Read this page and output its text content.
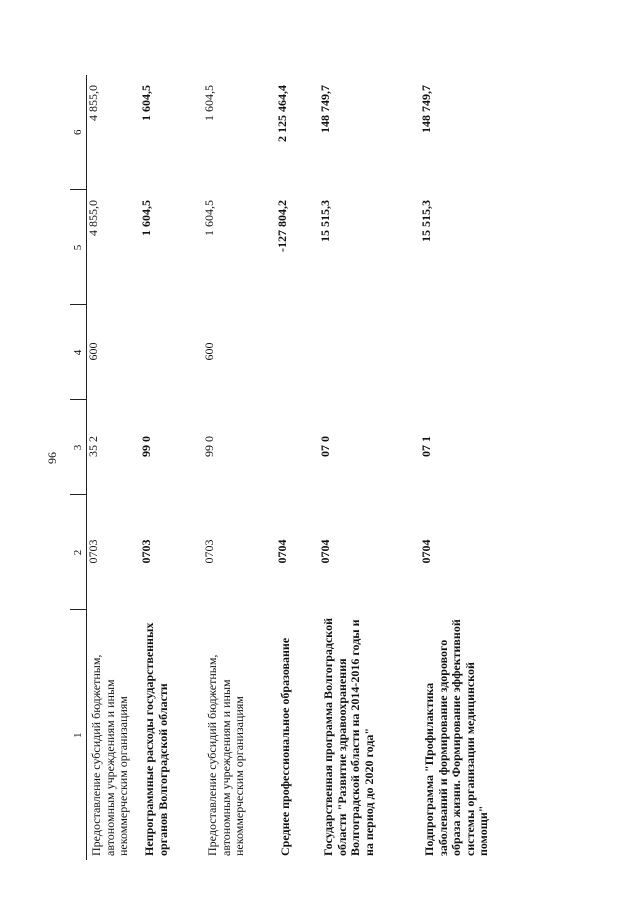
96
1	2	3	4	5	6
Предоставление субсидий бюджетным, автономным учреждениям и иным некоммерческим организациям	0703	35 2	600	4 855,0	4 855,0
Непрограммные расходы государственных органов Волгоградской области	0703	99 0		1 604,5	1 604,5
Предоставление субсидий бюджетным, автономным учреждениям и иным некоммерческим организациям	0703	99 0	600	1 604,5	1 604,5
Среднее профессиональное образование	0704			-127 804,2	2 125 464,4
Государственная программа Волгоградской области "Развитие здравоохранения Волгоградской области на 2014-2016 годы и на период до 2020 года"	0704	07 0		15 515,3	148 749,7
Подпрограмма "Профилактика заболеваний и формирование здорового образа жизни. Формирование эффективной системы организации медицинской помощи"	0704	07 1		15 515,3	148 749,7
